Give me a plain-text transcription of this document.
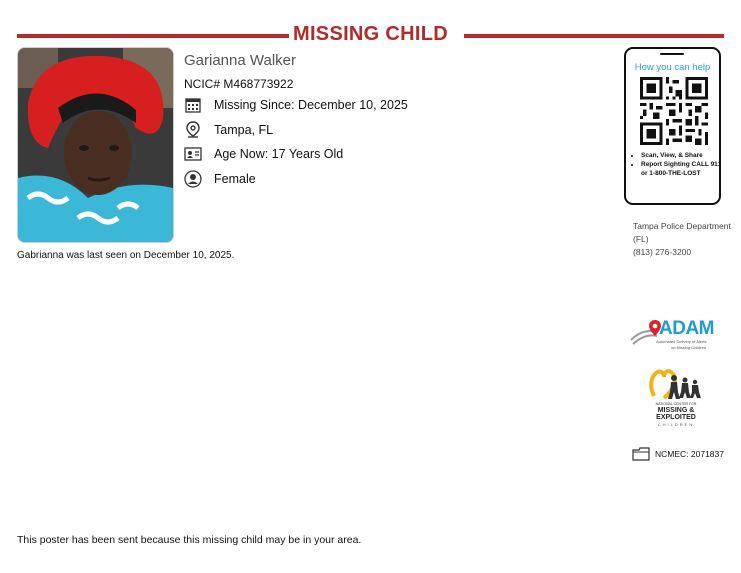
MISSING CHILD
Garianna Walker
NCIC# M468773922
Missing Since: December 10, 2025
Tampa, FL
Age Now: 17 Years Old
Female
Gabrianna was last seen on December 10, 2025.
How you can help
• Scan, View, & Share
• Report Sighting CALL 911 or 1-800-THE-LOST
Tampa Police Department (FL)
(813) 276-3200
ADAM
Automated Delivery of Alerts
on Missing Children
NATIONAL CENTER FOR
MISSING &
EXPLOITED
CHILDREN
NCMEC: 2071837
This poster has been sent because this missing child may be in your area.
